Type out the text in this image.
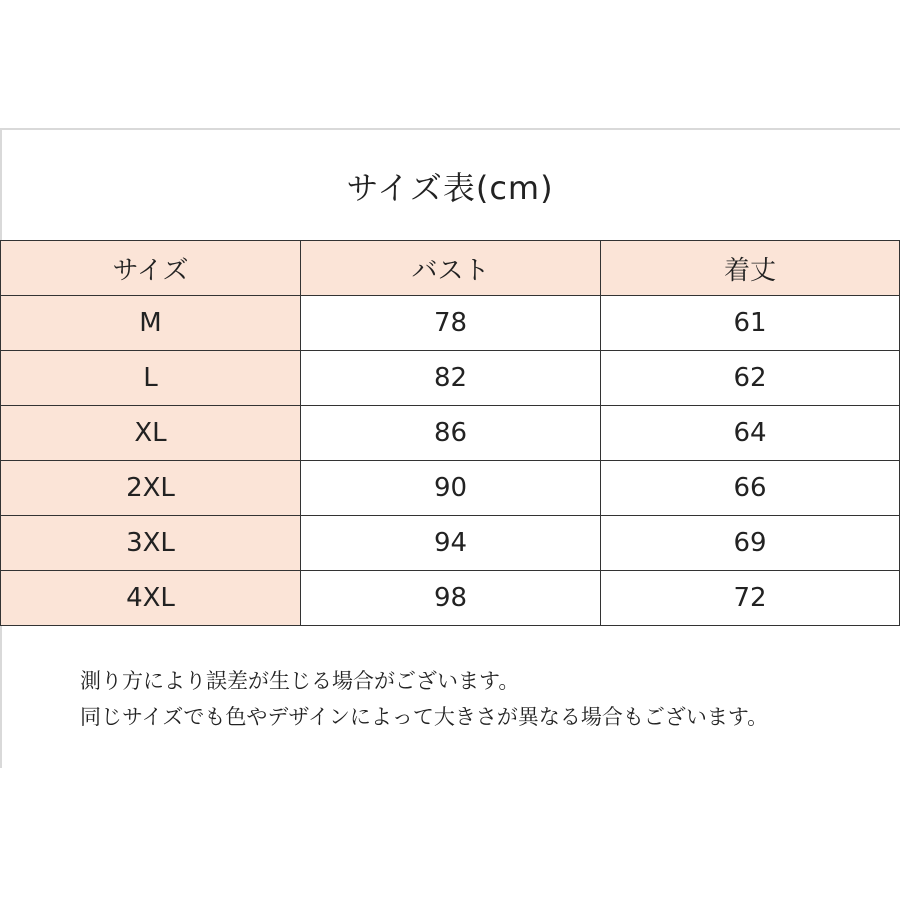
サイズ表(cm)
サイズ	バスト	着丈
M	78	61
L	82	62
XL	86	64
2XL	90	66
3XL	94	69
4XL	98	72
測り方により誤差が生じる場合がございます。
同じサイズでも色やデザインによって大きさが異なる場合もございます。
